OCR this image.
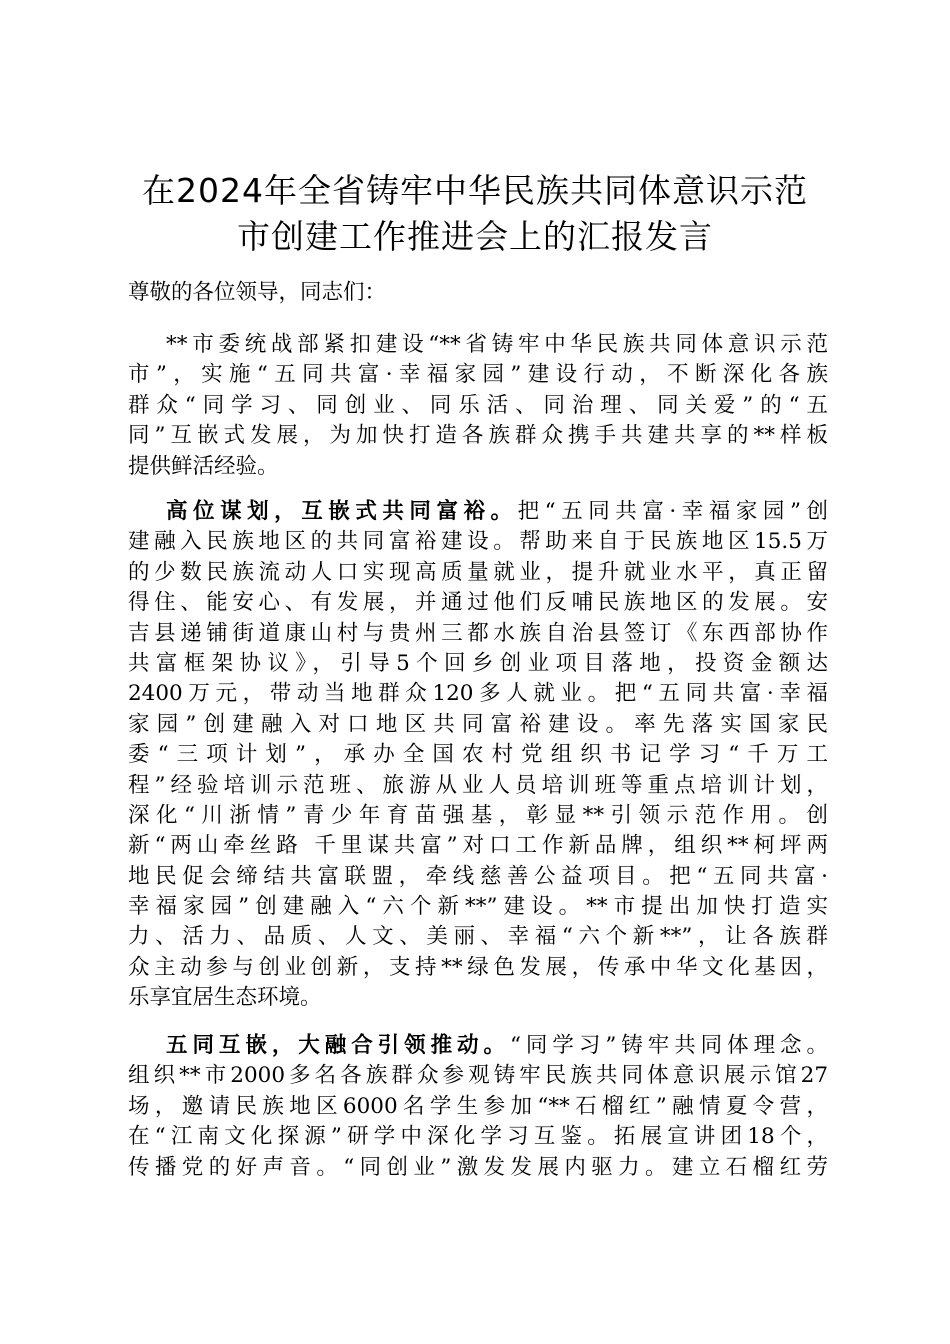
在2024年全省铸牢中华民族共同体意识示范
市创建工作推进会上的汇报发言

尊敬的各位领导，同志们：

**市委统战部紧扣建设“**省铸牢中华民族共同体意识示范
市”，实施“五同共富·幸福家园”建设行动，不断深化各族
群众“同学习、同创业、同乐活、同治理、同关爱”的“五
同”互嵌式发展，为加快打造各族群众携手共建共享的**样板
提供鲜活经验。
高位谋划，互嵌式共同富裕。把“五同共富·幸福家园”创
建融入民族地区的共同富裕建设。帮助来自于民族地区15.5万
的少数民族流动人口实现高质量就业，提升就业水平，真正留
得住、能安心、有发展，并通过他们反哺民族地区的发展。安
吉县递铺街道康山村与贵州三都水族自治县签订《东西部协作
共富框架协议》，引导5个回乡创业项目落地，投资金额达
2400万元，带动当地群众120多人就业。把“五同共富·幸福
家园”创建融入对口地区共同富裕建设。率先落实国家民
委“三项计划”，承办全国农村党组织书记学习“千万工
程”经验培训示范班、旅游从业人员培训班等重点培训计划，
深化“川浙情”青少年育苗强基，彰显**引领示范作用。创
新“两山牵丝路 千里谋共富”对口工作新品牌，组织**柯坪两
地民促会缔结共富联盟，牵线慈善公益项目。把“五同共富·
幸福家园”创建融入“六个新**”建设。**市提出加快打造实
力、活力、品质、人文、美丽、幸福“六个新**”，让各族群
众主动参与创业创新，支持**绿色发展，传承中华文化基因，
乐享宜居生态环境。
五同互嵌，大融合引领推动。“同学习”铸牢共同体理念。
组织**市2000多名各族群众参观铸牢民族共同体意识展示馆27
场，邀请民族地区6000名学生参加“**石榴红”融情夏令营，
在“江南文化探源”研学中深化学习互鉴。拓展宣讲团18个，
传播党的好声音。“同创业”激发发展内驱力。建立石榴红劳
